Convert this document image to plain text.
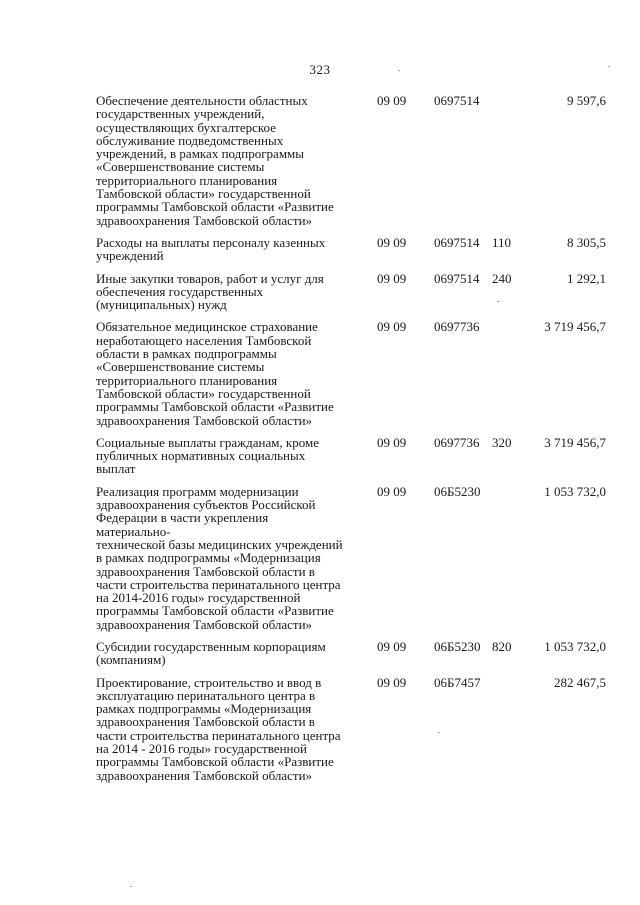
323
Обеспечение деятельности областных
государственных учреждений,
осуществляющих бухгалтерское
обслуживание подведомственных
учреждений, в рамках подпрограммы
«Совершенствование системы
территориального планирования
Тамбовской области» государственной
программы Тамбовской области «Развитие
здравоохранения Тамбовской области»
09 09	0697514	9 597,6
Расходы на выплаты персоналу казенных
учреждений
09 09	0697514 110	8 305,5
Иные закупки товаров, работ и услуг для
обеспечения государственных
(муниципальных) нужд
09 09	0697514 240	1 292,1
Обязательное медицинское страхование
неработающего населения Тамбовской
области в рамках подпрограммы
«Совершенствование системы
территориального планирования
Тамбовской области» государственной
программы Тамбовской области «Развитие
здравоохранения Тамбовской области»
09 09	0697736	3 719 456,7
Социальные выплаты гражданам, кроме
публичных нормативных социальных
выплат
09 09	0697736 320	3 719 456,7
Реализация программ модернизации
здравоохранения субъектов Российской
Федерации в части укрепления материально-
технической базы медицинских учреждений
в рамках подпрограммы «Модернизация
здравоохранения Тамбовской области в
части строительства перинатального центра
на 2014-2016 годы» государственной
программы Тамбовской области «Развитие
здравоохранения Тамбовской области»
09 09	06Б5230	1 053 732,0
Субсидии государственным корпорациям
(компаниям)
09 09	06Б5230 820	1 053 732,0
Проектирование, строительство и ввод в
эксплуатацию перинатального центра в
рамках подпрограммы «Модернизация
здравоохранения Тамбовской области в
части строительства перинатального центра
на 2014 - 2016 годы» государственной
программы Тамбовской области «Развитие
здравоохранения Тамбовской области»
09 09	06Б7457	282 467,5
